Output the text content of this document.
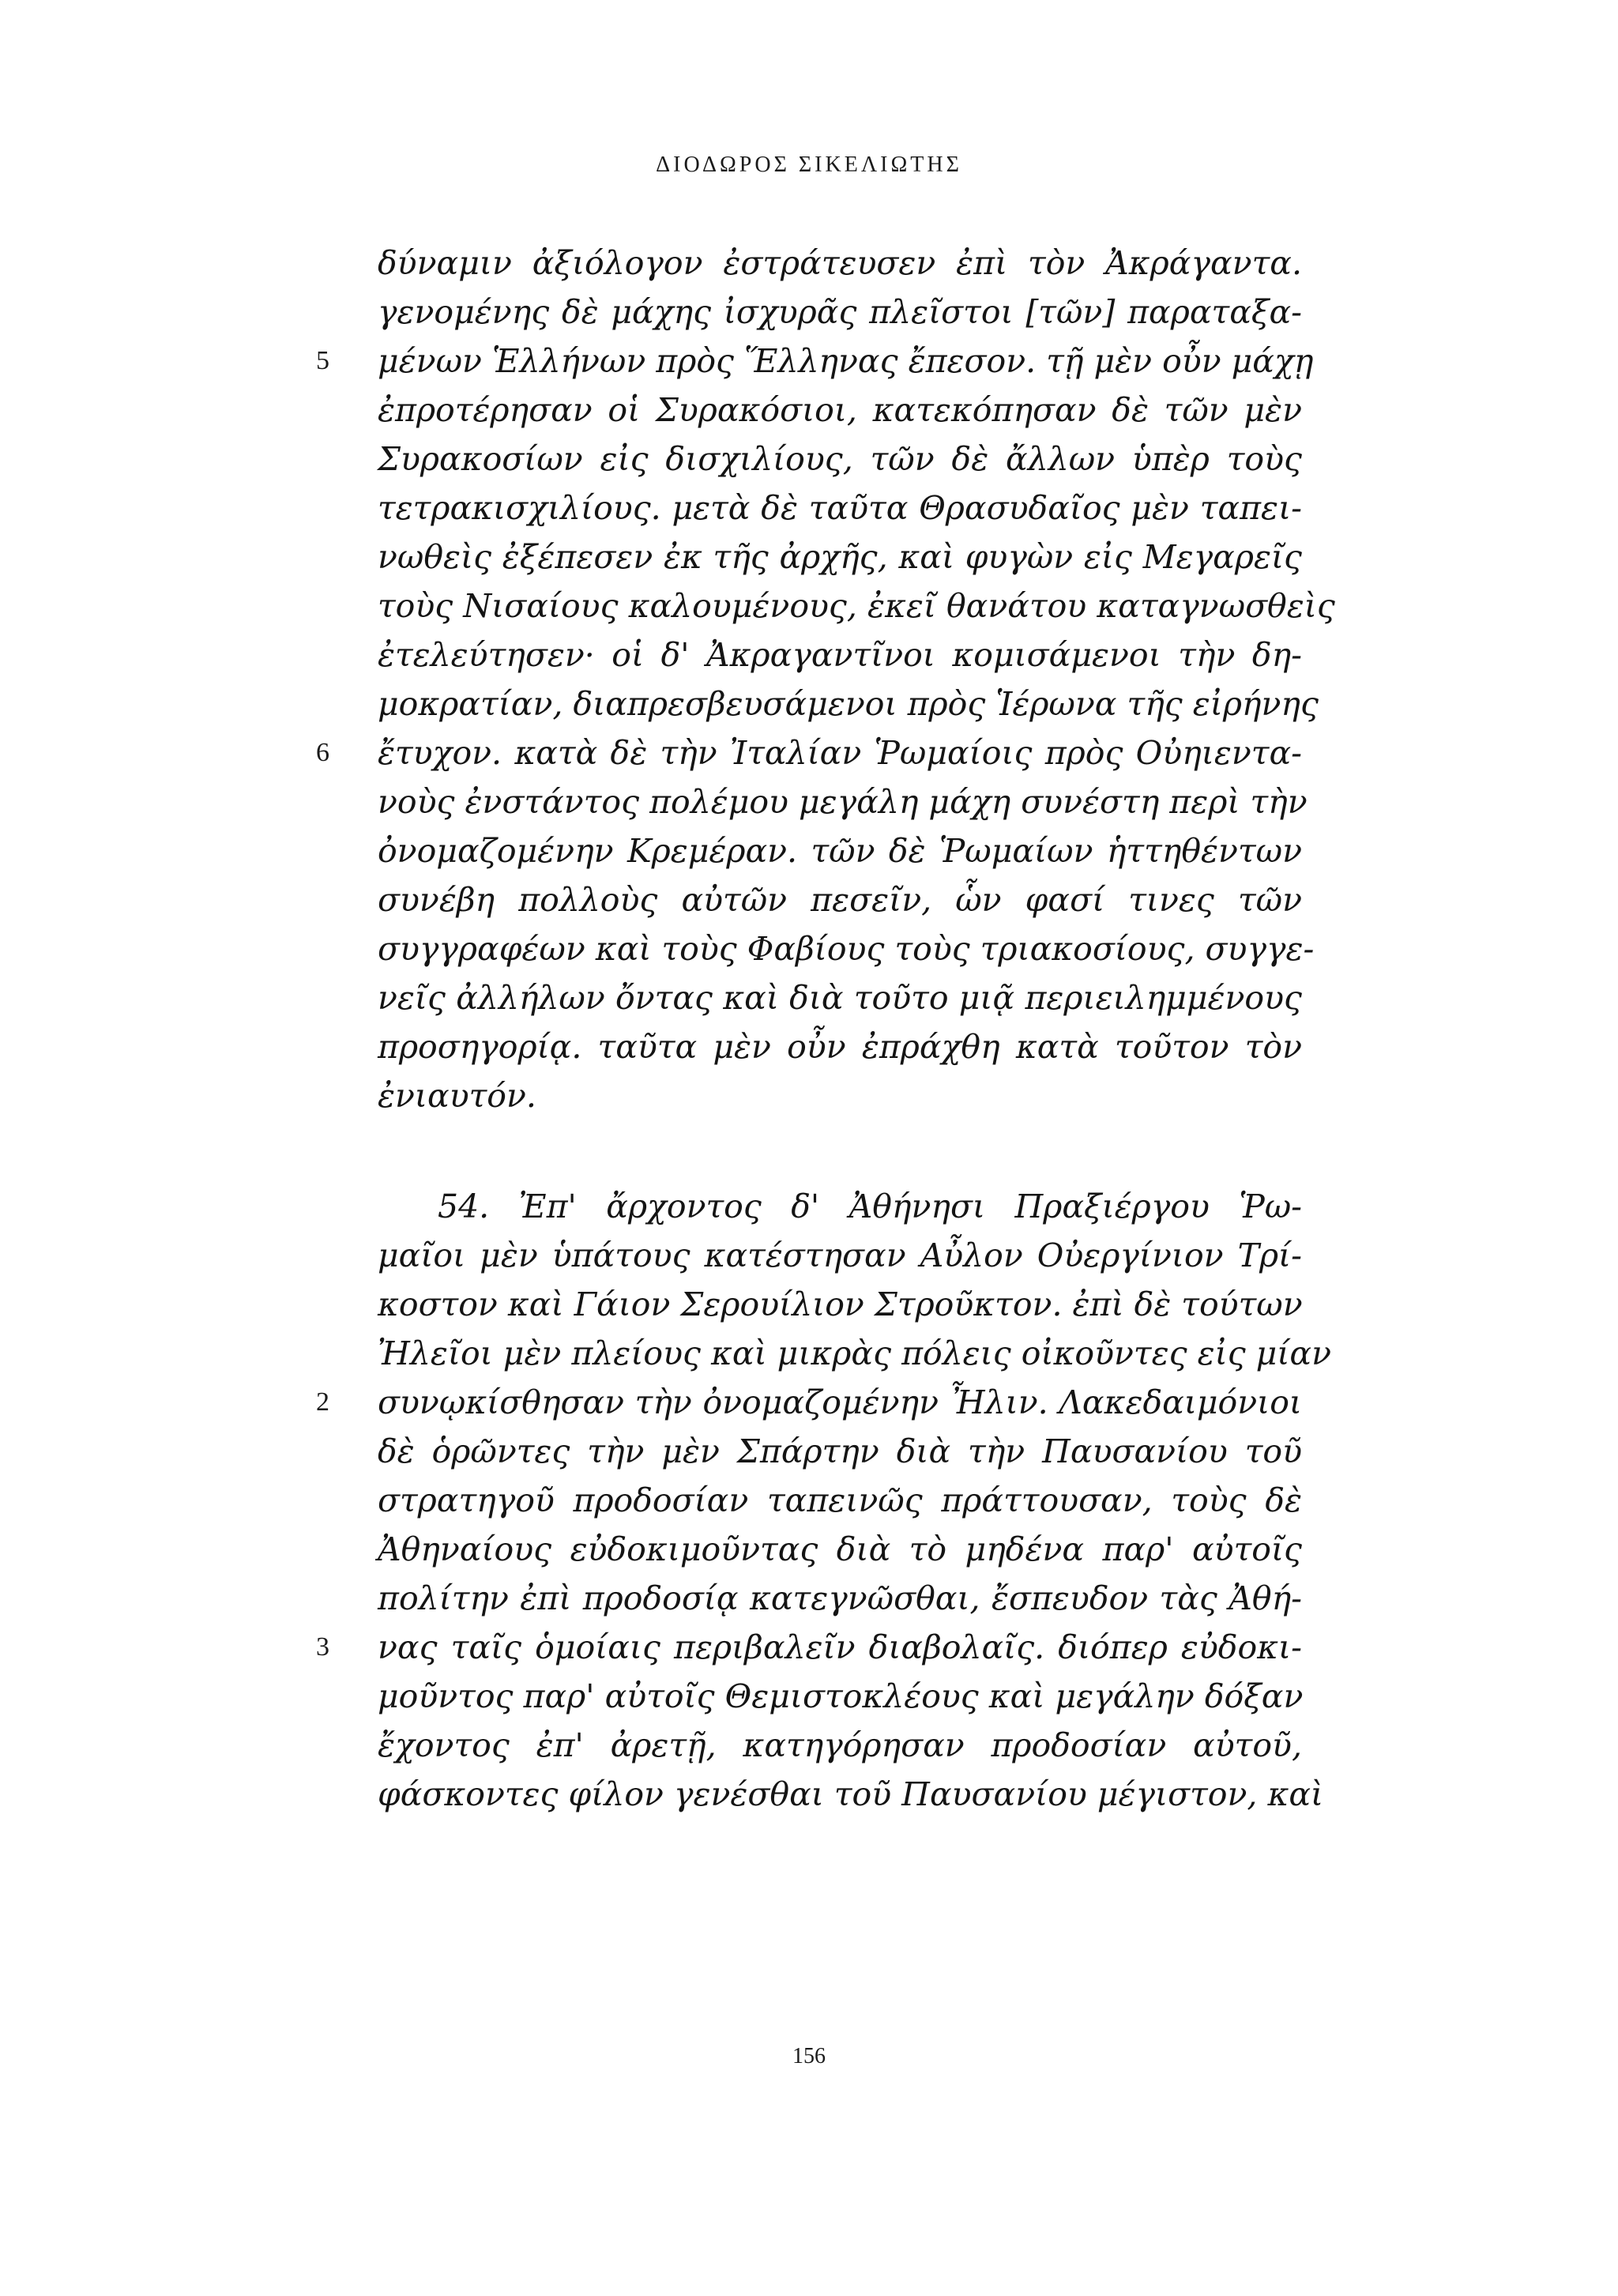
ΔΙΟΔΩΡΟΣ ΣΙΚΕΛΙΩΤΗΣ
δύναμιν ἀξιόλογον ἐστράτευσεν ἐπὶ τὸν Ἀκράγαντα.
γενομένης δὲ μάχης ἰσχυρᾶς πλεῖστοι [τῶν] παραταξα-
5 μένων Ἑλλήνων πρὸς Ἕλληνας ἔπεσον. τῇ μὲν οὖν μάχῃ
ἐπροτέρησαν οἱ Συρακόσιοι, κατεκόπησαν δὲ τῶν μὲν
Συρακοσίων εἰς δισχιλίους, τῶν δὲ ἄλλων ὑπὲρ τοὺς
τετρακισχιλίους. μετὰ δὲ ταῦτα Θρασυδαῖος μὲν ταπει-
νωθεὶς ἐξέπεσεν ἐκ τῆς ἀρχῆς, καὶ φυγὼν εἰς Μεγαρεῖς
τοὺς Νισαίους καλουμένους, ἐκεῖ θανάτου καταγνωσθεὶς
ἐτελεύτησεν· οἱ δ' Ἀκραγαντῖνοι κομισάμενοι τὴν δη-
μοκρατίαν, διαπρεσβευσάμενοι πρὸς Ἱέρωνα τῆς εἰρήνης
6 ἔτυχον. κατὰ δὲ τὴν Ἰταλίαν Ῥωμαίοις πρὸς Οὐηιεντα-
νοὺς ἐνστάντος πολέμου μεγάλη μάχη συνέστη περὶ τὴν
ὀνομαζομένην Κρεμέραν. τῶν δὲ Ῥωμαίων ἡττηθέντων
συνέβη πολλοὺς αὐτῶν πεσεῖν, ὧν φασί τινες τῶν
συγγραφέων καὶ τοὺς Φαβίους τοὺς τριακοσίους, συγγε-
νεῖς ἀλλήλων ὄντας καὶ διὰ τοῦτο μιᾷ περιειλημμένους
προσηγορίᾳ. ταῦτα μὲν οὖν ἐπράχθη κατὰ τοῦτον τὸν
ἐνιαυτόν.
54. Ἐπ' ἄρχοντος δ' Ἀθήνησι Πραξιέργου Ῥω-
μαῖοι μὲν ὑπάτους κατέστησαν Αὖλον Οὐεργίνιον Τρί-
κοστον καὶ Γάιον Σερουίλιον Στροῦκτον. ἐπὶ δὲ τούτων
Ἠλεῖοι μὲν πλείους καὶ μικρὰς πόλεις οἰκοῦντες εἰς μίαν
2 συνῳκίσθησαν τὴν ὀνομαζομένην Ἦλιν. Λακεδαιμόνιοι
δὲ ὁρῶντες τὴν μὲν Σπάρτην διὰ τὴν Παυσανίου τοῦ
στρατηγοῦ προδοσίαν ταπεινῶς πράττουσαν, τοὺς δὲ
Ἀθηναίους εὐδοκιμοῦντας διὰ τὸ μηδένα παρ' αὐτοῖς
πολίτην ἐπὶ προδοσίᾳ κατεγνῶσθαι, ἔσπευδον τὰς Ἀθή-
3 νας ταῖς ὁμοίαις περιβαλεῖν διαβολαῖς. διόπερ εὐδοκι-
μοῦντος παρ' αὐτοῖς Θεμιστοκλέους καὶ μεγάλην δόξαν
ἔχοντος ἐπ' ἀρετῇ, κατηγόρησαν προδοσίαν αὐτοῦ,
φάσκοντες φίλον γενέσθαι τοῦ Παυσανίου μέγιστον, καὶ
156
